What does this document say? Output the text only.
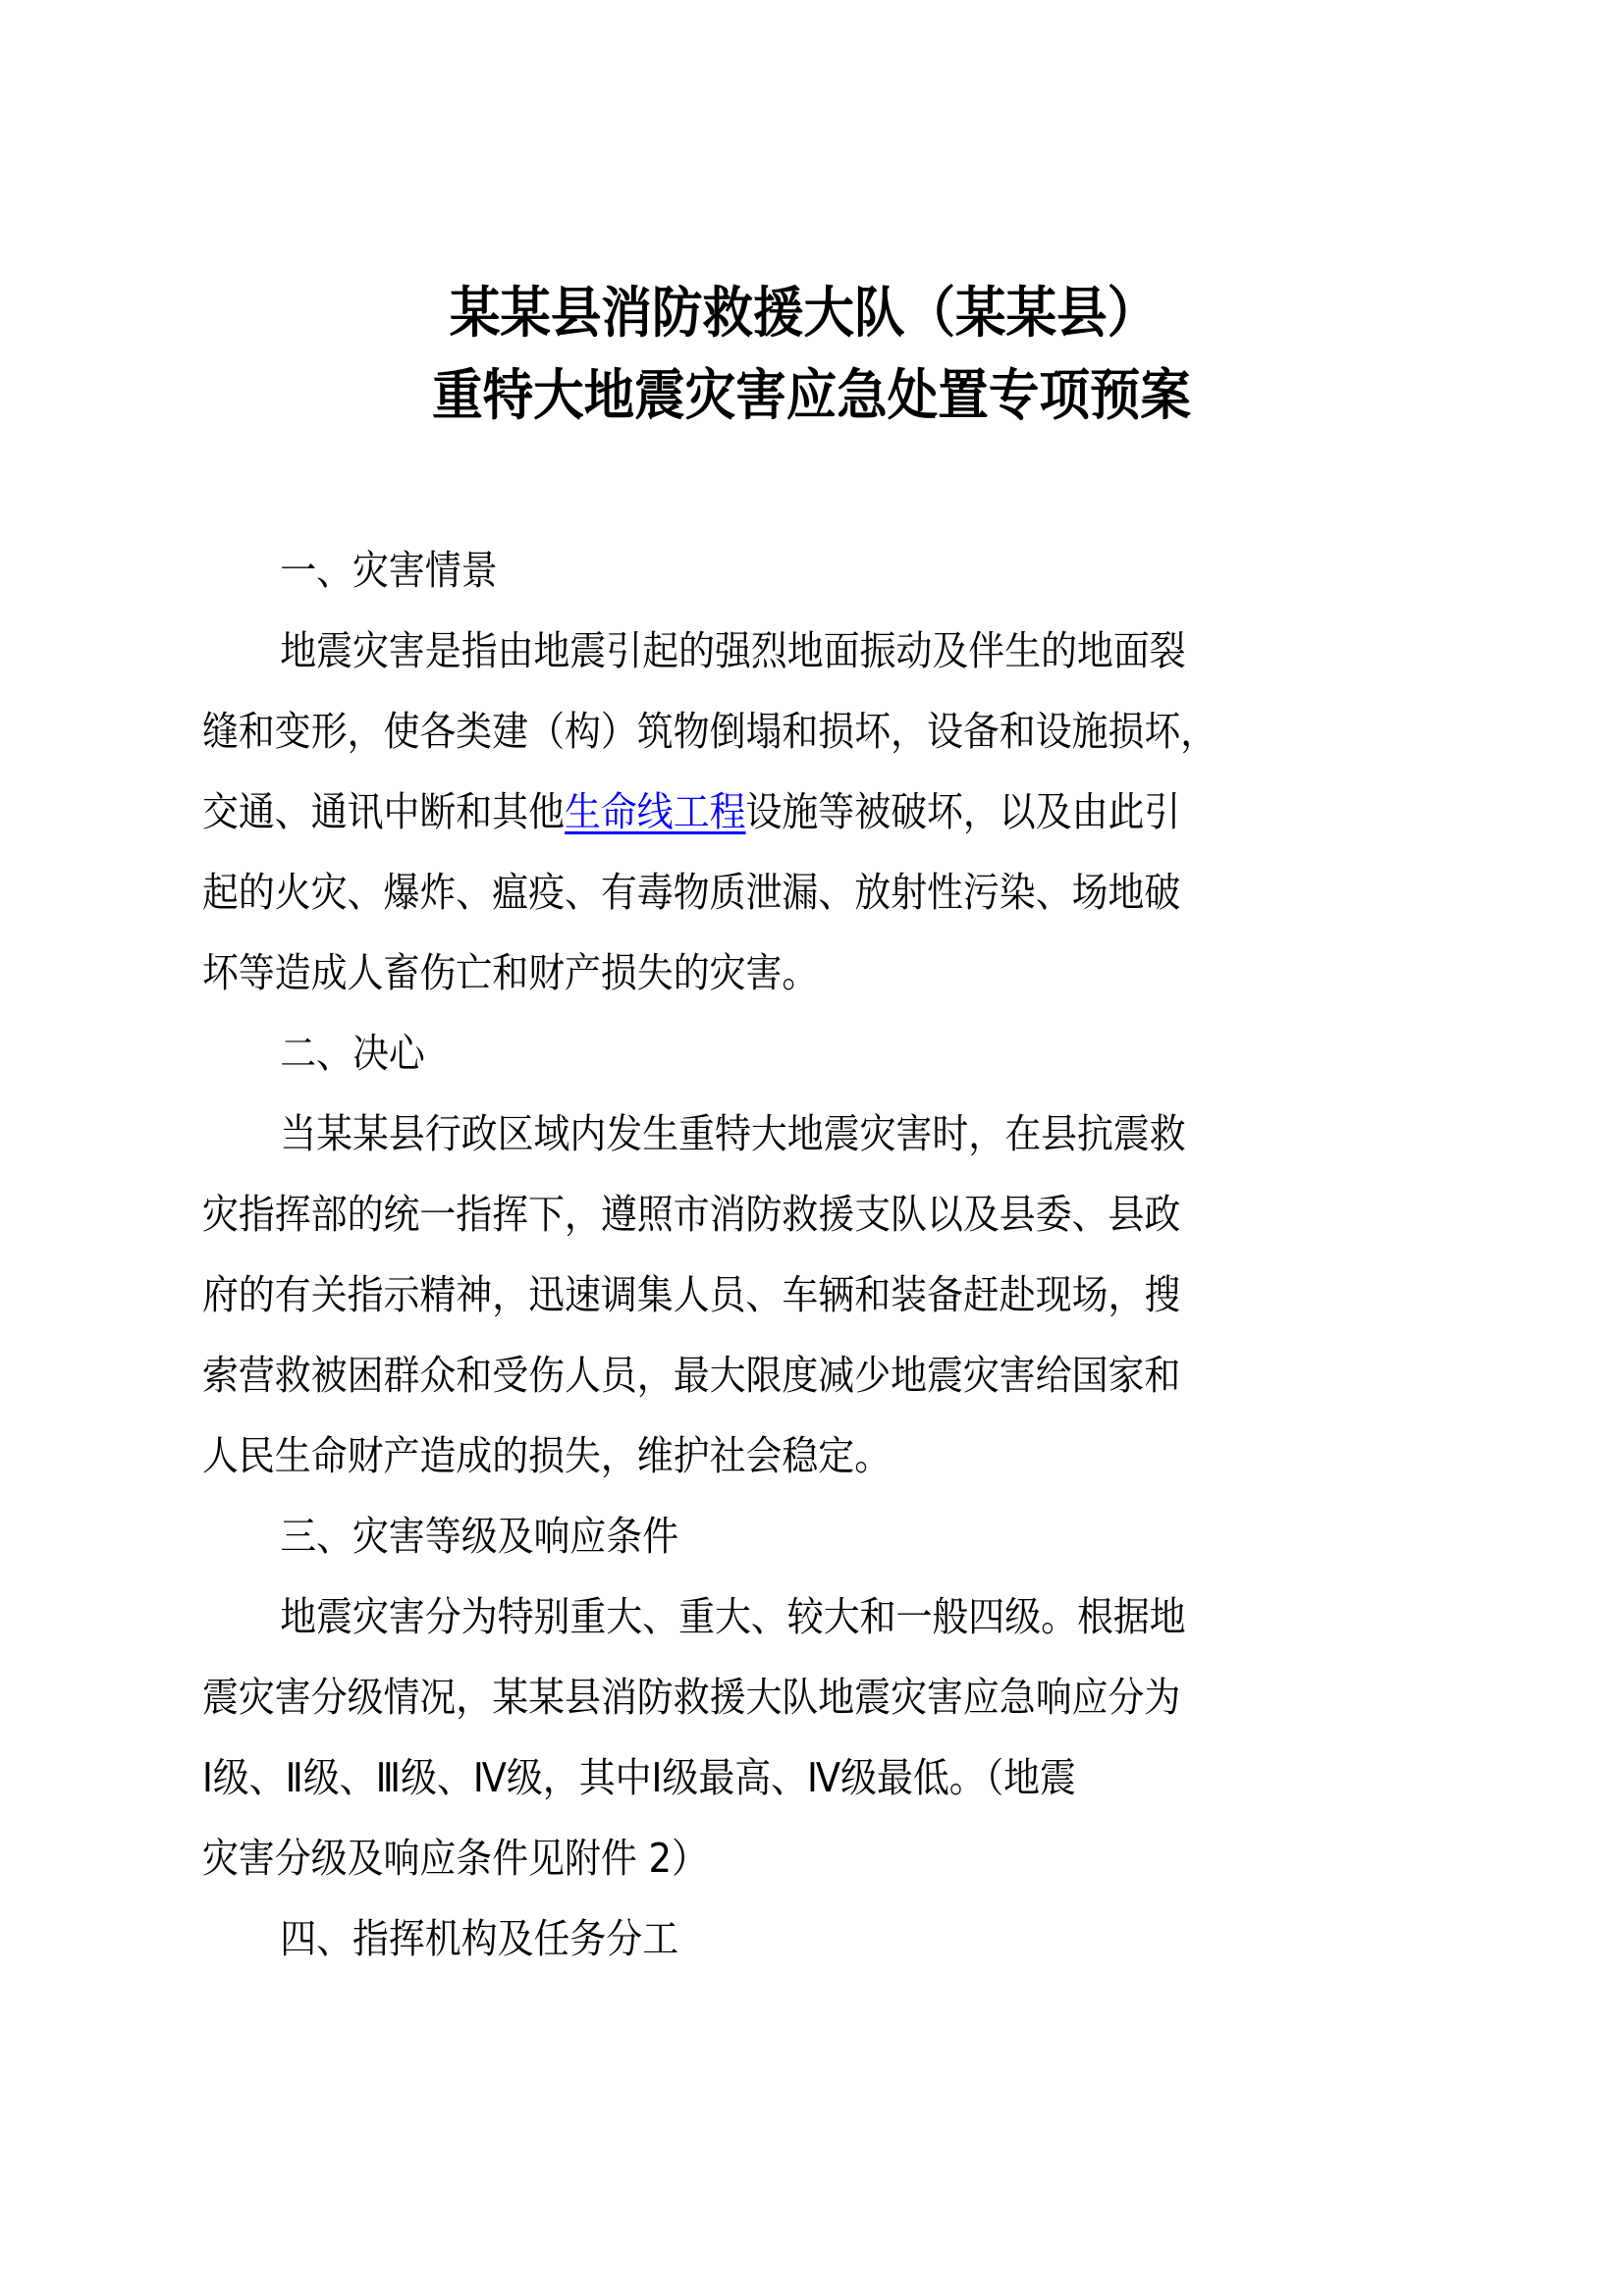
某某县消防救援大队（某某县）
重特大地震灾害应急处置专项预案
一、灾害情景
地震灾害是指由地震引起的强烈地面振动及伴生的地面裂
缝和变形，使各类建（构）筑物倒塌和损坏，设备和设施损坏，
交通、通讯中断和其他生命线工程设施等被破坏，以及由此引
起的火灾、爆炸、瘟疫、有毒物质泄漏、放射性污染、场地破
坏等造成人畜伤亡和财产损失的灾害。
二、决心
当某某县行政区域内发生重特大地震灾害时，在县抗震救
灾指挥部的统一指挥下，遵照市消防救援支队以及县委、县政
府的有关指示精神，迅速调集人员、车辆和装备赶赴现场，搜
索营救被困群众和受伤人员，最大限度减少地震灾害给国家和
人民生命财产造成的损失，维护社会稳定。
三、灾害等级及响应条件
地震灾害分为特别重大、重大、较大和一般四级。根据地
震灾害分级情况，某某县消防救援大队地震灾害应急响应分为
Ⅰ级、Ⅱ级、Ⅲ级、Ⅳ级，其中Ⅰ级最高、Ⅳ级最低。（地震
灾害分级及响应条件见附件 2）
四、指挥机构及任务分工
